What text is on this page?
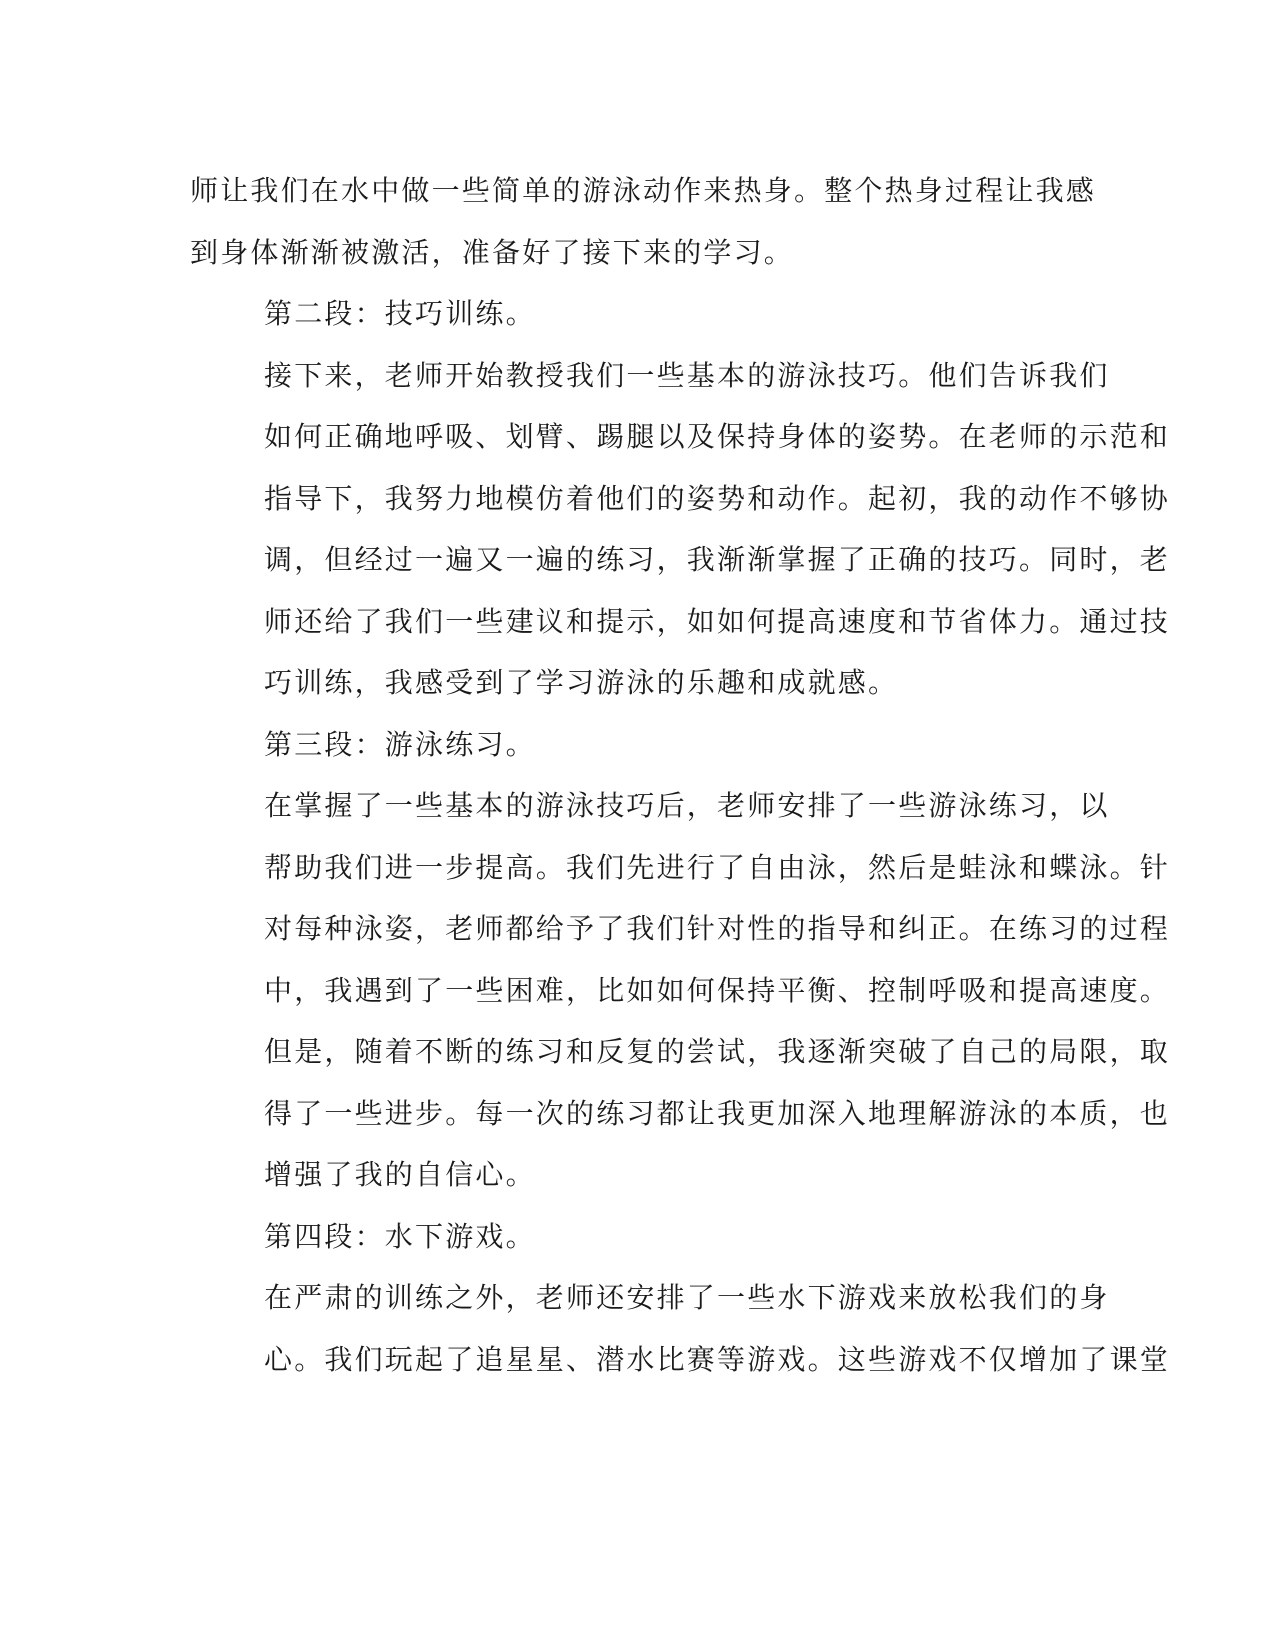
师让我们在水中做一些简单的游泳动作来热身。整个热身过程让我感
到身体渐渐被激活，准备好了接下来的学习。

第二段：技巧训练。

接下来，老师开始教授我们一些基本的游泳技巧。他们告诉我们
如何正确地呼吸、划臂、踢腿以及保持身体的姿势。在老师的示范和
指导下，我努力地模仿着他们的姿势和动作。起初，我的动作不够协
调，但经过一遍又一遍的练习，我渐渐掌握了正确的技巧。同时，老
师还给了我们一些建议和提示，如如何提高速度和节省体力。通过技
巧训练，我感受到了学习游泳的乐趣和成就感。

第三段：游泳练习。

在掌握了一些基本的游泳技巧后，老师安排了一些游泳练习，以
帮助我们进一步提高。我们先进行了自由泳，然后是蛙泳和蝶泳。针
对每种泳姿，老师都给予了我们针对性的指导和纠正。在练习的过程
中，我遇到了一些困难，比如如何保持平衡、控制呼吸和提高速度。
但是，随着不断的练习和反复的尝试，我逐渐突破了自己的局限，取
得了一些进步。每一次的练习都让我更加深入地理解游泳的本质，也
增强了我的自信心。

第四段：水下游戏。

在严肃的训练之外，老师还安排了一些水下游戏来放松我们的身
心。我们玩起了追星星、潜水比赛等游戏。这些游戏不仅增加了课堂
